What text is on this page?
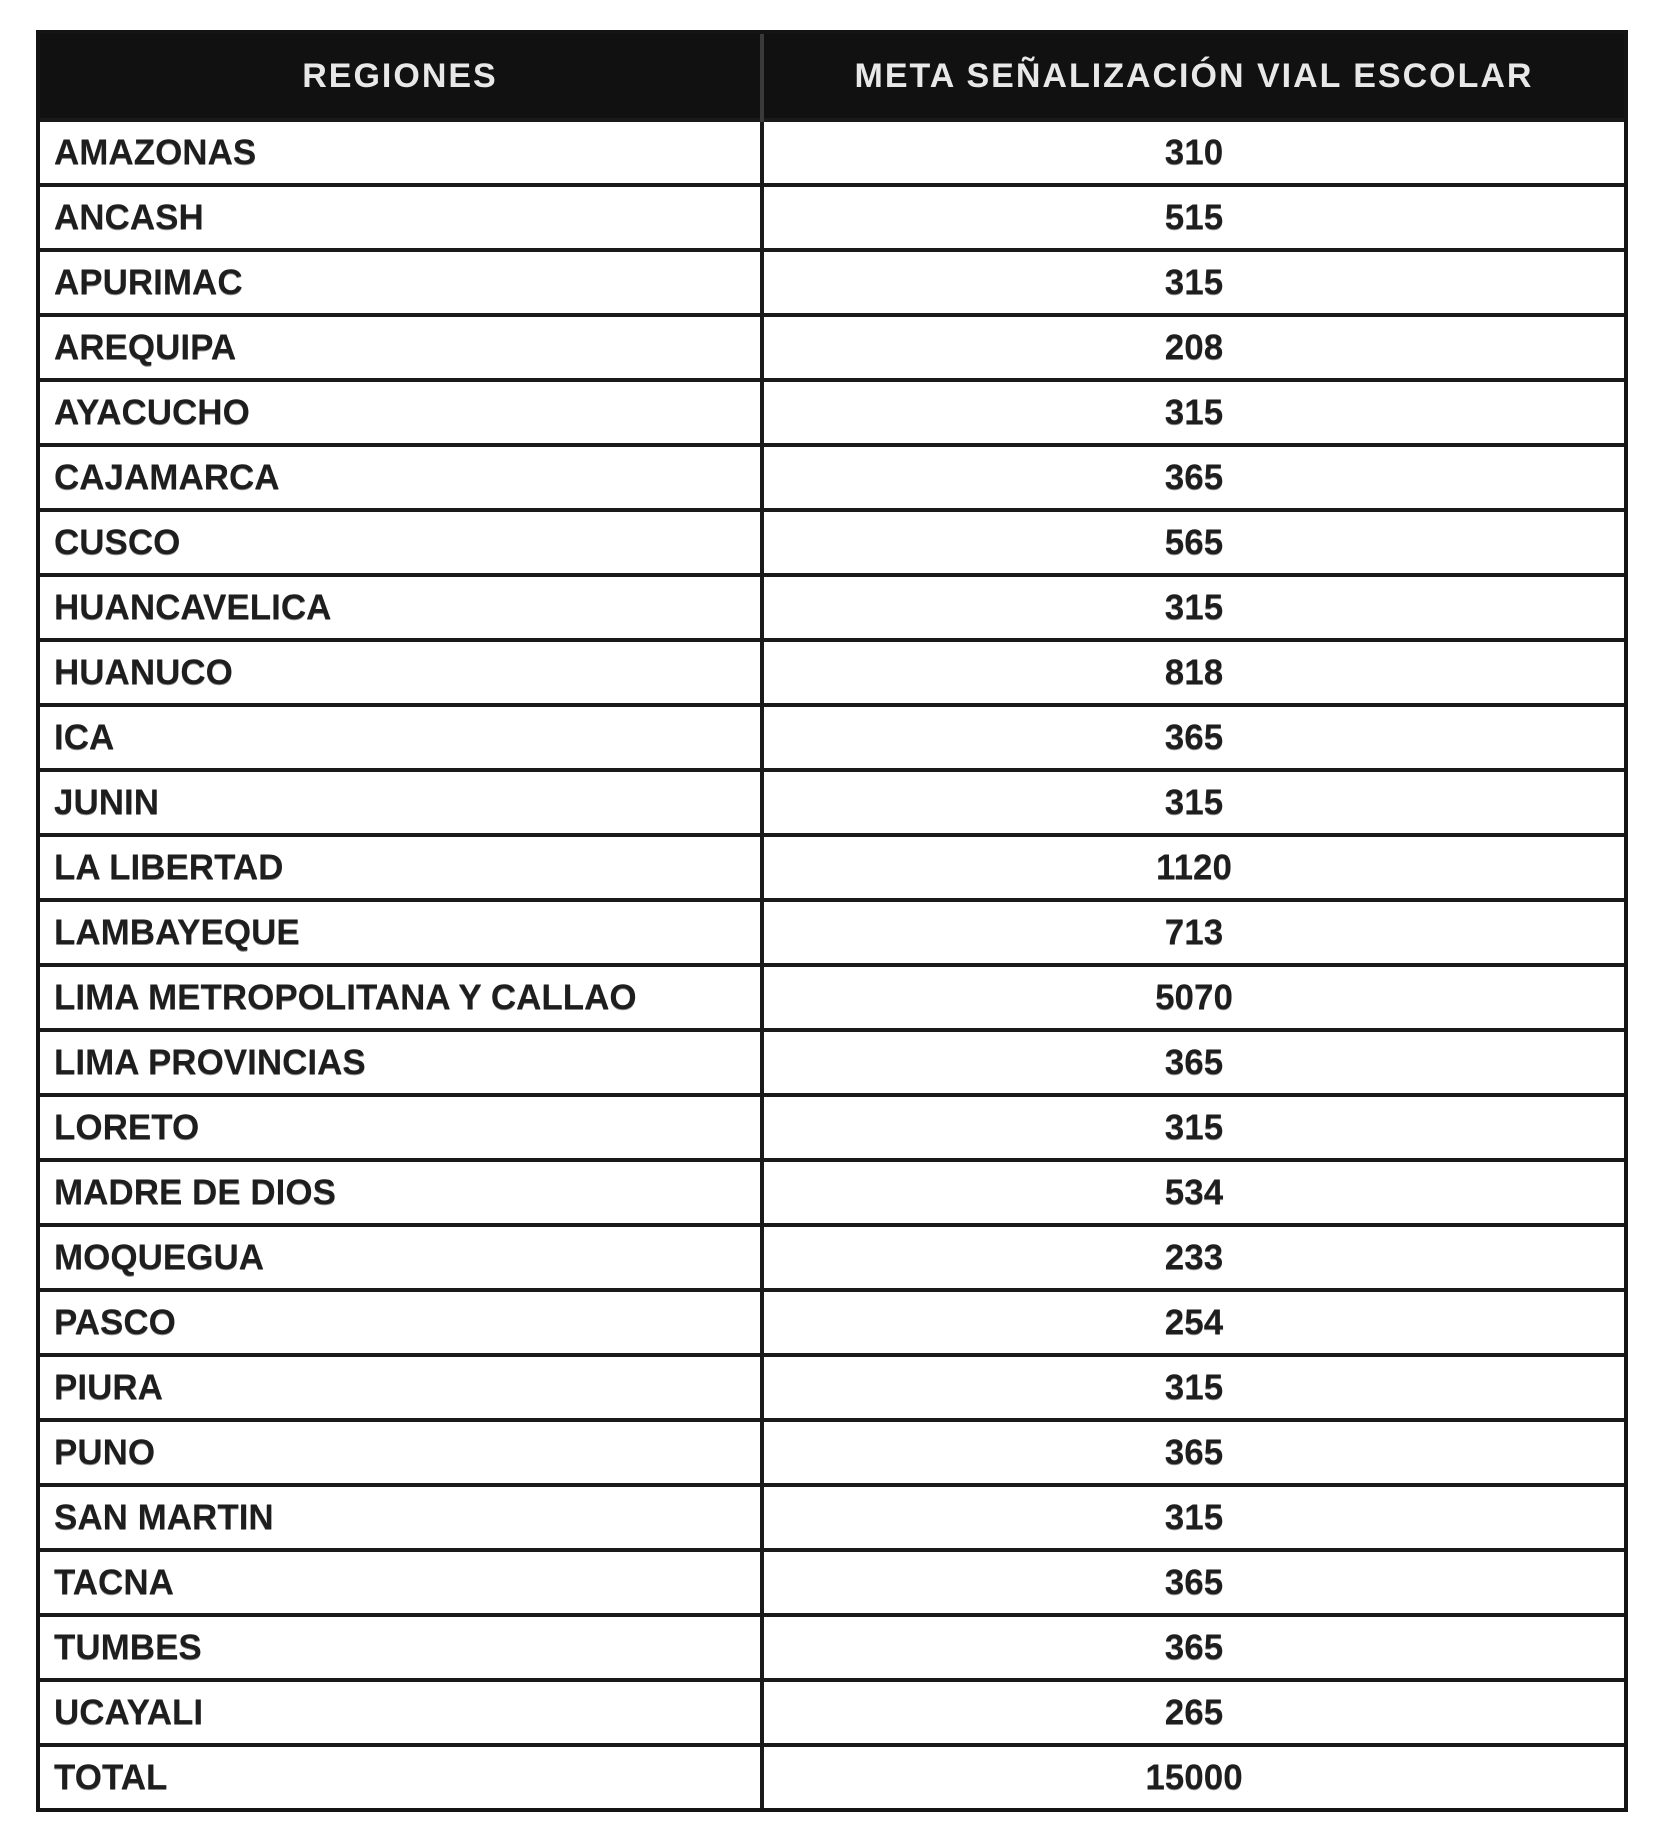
REGIONES	META SEÑALIZACIÓN VIAL ESCOLAR
AMAZONAS	310
ANCASH	515
APURIMAC	315
AREQUIPA	208
AYACUCHO	315
CAJAMARCA	365
CUSCO	565
HUANCAVELICA	315
HUANUCO	818
ICA	365
JUNIN	315
LA LIBERTAD	1120
LAMBAYEQUE	713
LIMA METROPOLITANA Y CALLAO	5070
LIMA PROVINCIAS	365
LORETO	315
MADRE DE DIOS	534
MOQUEGUA	233
PASCO	254
PIURA	315
PUNO	365
SAN MARTIN	315
TACNA	365
TUMBES	365
UCAYALI	265
TOTAL	15000
